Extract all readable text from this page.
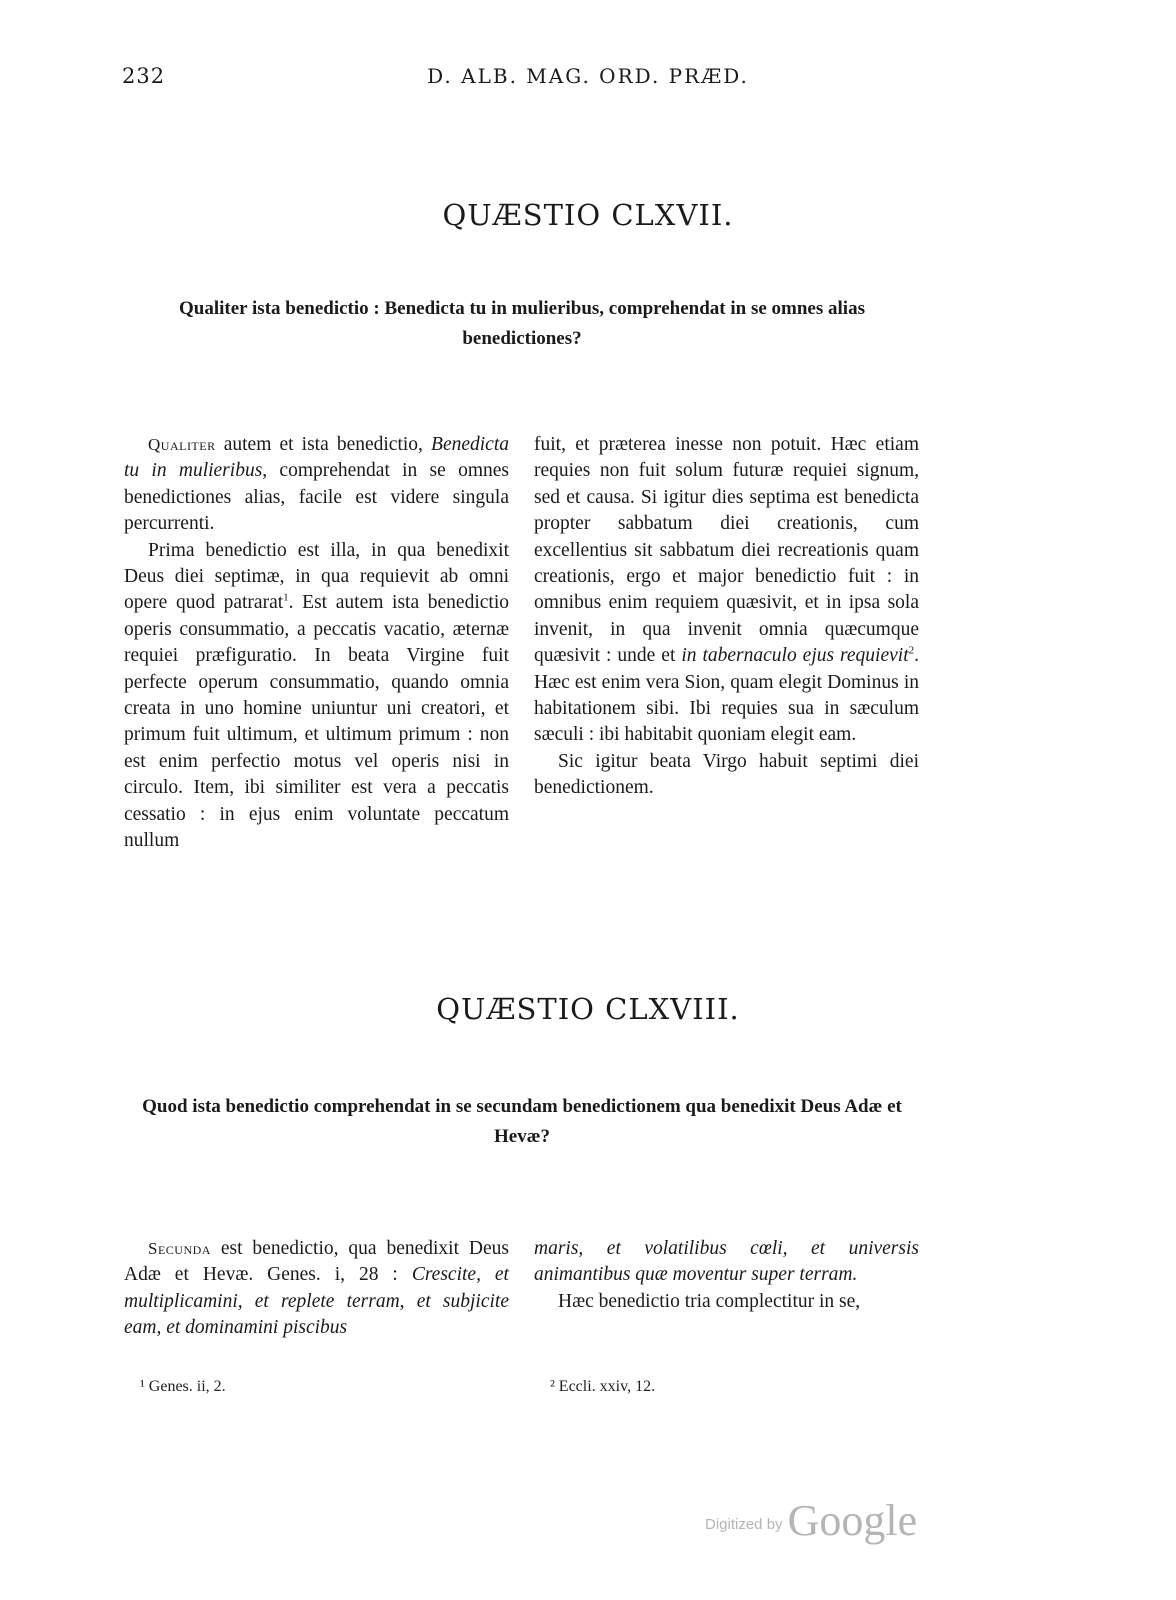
232	D. ALB. MAG. ORD. PRÆD.
QUÆSTIO CLXVII.
Qualiter ista benedictio : Benedicta tu in mulieribus, comprehendat in se omnes alias benedictiones?

Qualiter autem et ista benedictio, Benedicta tu in mulieribus, comprehendat in se omnes benedictiones alias, facile est videre singula percurrenti.

Prima benedictio est illa, in qua benedixit Deus diei septimæ, in qua requievit ab omni opere quod patrarat$^1$. Est autem ista benedictio operis consummatio, a peccatis vacatio, æternæ requiei præfiguratio. In beata Virgine fuit perfecte operum consummatio, quando omnia creata in uno homine uniuntur uni creatori, et primum fuit ultimum, et ultimum primum : non est enim perfectio motus vel operis nisi in circulo. Item, ibi similiter est vera a peccatis cessatio : in ejus enim voluntate peccatum nullum

fuit, et præterea inesse non potuit. Hæc etiam requies non fuit solum futuræ requiei signum, sed et causa. Si igitur dies septima est benedicta propter sabbatum diei creationis, cum excellentius sit sabbatum diei recreationis quam creationis, ergo et major benedictio fuit : in omnibus enim requiem quæsivit, et in ipsa sola invenit, in qua invenit omnia quæcumque quæsivit : unde et in tabernaculo ejus requievit$^2$. Hæc est enim vera Sion, quam elegit Dominus in habitationem sibi. Ibi requies sua in sæculum sæculi : ibi habitabit quoniam elegit eam.

Sic igitur beata Virgo habuit septimi diei benedictionem.

QUÆSTIO CLXVIII.
Quod ista benedictio comprehendat in se secundam benedictionem qua benedixit Deus Adæ et Hevæ?

Secunda est benedictio, qua benedixit Deus Adæ et Hevæ. Genes. i, 28 : Crescite, et multiplicamini, et replete terram, et subjicite eam, et dominamini piscibus

maris, et volatilibus cœli, et universis animantibus quæ moventur super terram.

Hæc benedictio tria complectitur in se,

¹ Genes. ii, 2.	² Eccli. xxiv, 12.
Digitized by Google
